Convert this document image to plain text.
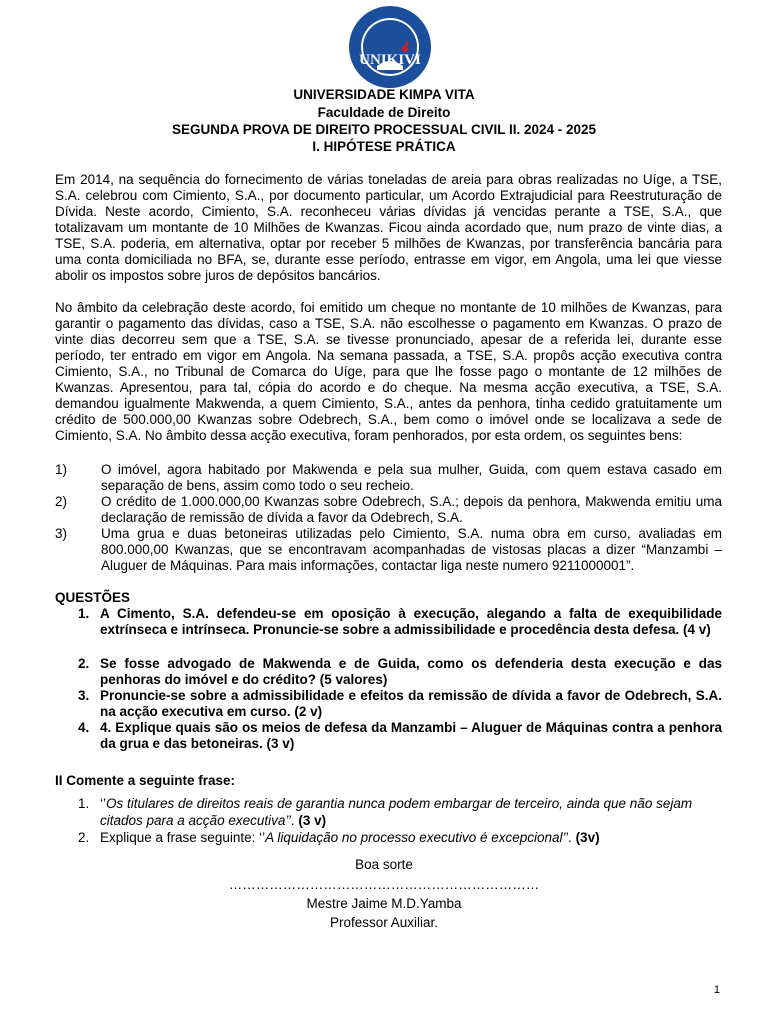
UNIKIVI
UNIVERSIDADE KIMPA VITA
Faculdade de Direito
SEGUNDA PROVA DE DIREITO PROCESSUAL CIVIL II. 2024 - 2025
I. HIPÓTESE PRÁTICA
Em 2014, na sequência do fornecimento de várias toneladas de areia para obras realizadas no Uíge, a TSE, S.A. celebrou com Cimiento, S.A., por documento particular, um Acordo Extrajudicial para Reestruturação de Dívida. Neste acordo, Cimiento, S.A. reconheceu várias dívidas já vencidas perante a TSE, S.A., que totalizavam um montante de 10 Milhões de Kwanzas. Ficou ainda acordado que, num prazo de vinte dias, a TSE, S.A. poderia, em alternativa, optar por receber 5 milhões de Kwanzas, por transferência bancária para uma conta domiciliada no BFA, se, durante esse período, entrasse em vigor, em Angola, uma lei que viesse abolir os impostos sobre juros de depósitos bancários.
No âmbito da celebração deste acordo, foi emitido um cheque no montante de 10 milhões de Kwanzas, para garantir o pagamento das dívidas, caso a TSE, S.A. não escolhesse o pagamento em Kwanzas. O prazo de vinte dias decorreu sem que a TSE, S.A. se tivesse pronunciado, apesar de a referida lei, durante esse período, ter entrado em vigor em Angola. Na semana passada, a TSE, S.A. propôs acção executiva contra Cimiento, S.A., no Tribunal de Comarca do Uíge, para que lhe fosse pago o montante de 12 milhões de Kwanzas. Apresentou, para tal, cópia do acordo e do cheque. Na mesma acção executiva, a TSE, S.A. demandou igualmente Makwenda, a quem Cimiento, S.A., antes da penhora, tinha cedido gratuitamente um crédito de 500.000,00 Kwanzas sobre Odebrech, S.A., bem como o imóvel onde se localizava a sede de Cimiento, S.A. No âmbito dessa acção executiva, foram penhorados, por esta ordem, os seguintes bens:
1)	O imóvel, agora habitado por Makwenda e pela sua mulher, Guida, com quem estava casado em separação de bens, assim como todo o seu recheio.
2)	O crédito de 1.000.000,00 Kwanzas sobre Odebrech, S.A.; depois da penhora, Makwenda emitiu uma declaração de remissão de dívida a favor da Odebrech, S.A.
3)	Uma grua e duas betoneiras utilizadas pelo Cimiento, S.A. numa obra em curso, avaliadas em 800.000,00 Kwanzas, que se encontravam acompanhadas de vistosas placas a dizer “Manzambi – Aluguer de Máquinas. Para mais informações, contactar liga neste numero 9211000001”.
QUESTÕES
1. A Cimento, S.A. defendeu-se em oposição à execução, alegando a falta de exequibilidade extrínseca e intrínseca. Pronuncie-se sobre a admissibilidade e procedência desta defesa. (4 v)
2. Se fosse advogado de Makwenda e de Guida, como os defenderia desta execução e das penhoras do imóvel e do crédito? (5 valores)
3. Pronuncie-se sobre a admissibilidade e efeitos da remissão de dívida a favor de Odebrech, S.A. na acção executiva em curso. (2 v)
4. 4. Explique quais são os meios de defesa da Manzambi – Aluguer de Máquinas contra a penhora da grua e das betoneiras. (3 v)
II Comente a seguinte frase:
1. ‘’Os titulares de direitos reais de garantia nunca podem embargar de terceiro, ainda que não sejam citados para a acção executiva’’. (3 v)
2. Explique a frase seguinte: ‘’A liquidação no processo executivo é excepcional’’. (3v)
Boa sorte
……………………………………………………………
Mestre Jaime M.D.Yamba
Professor Auxiliar.
1
